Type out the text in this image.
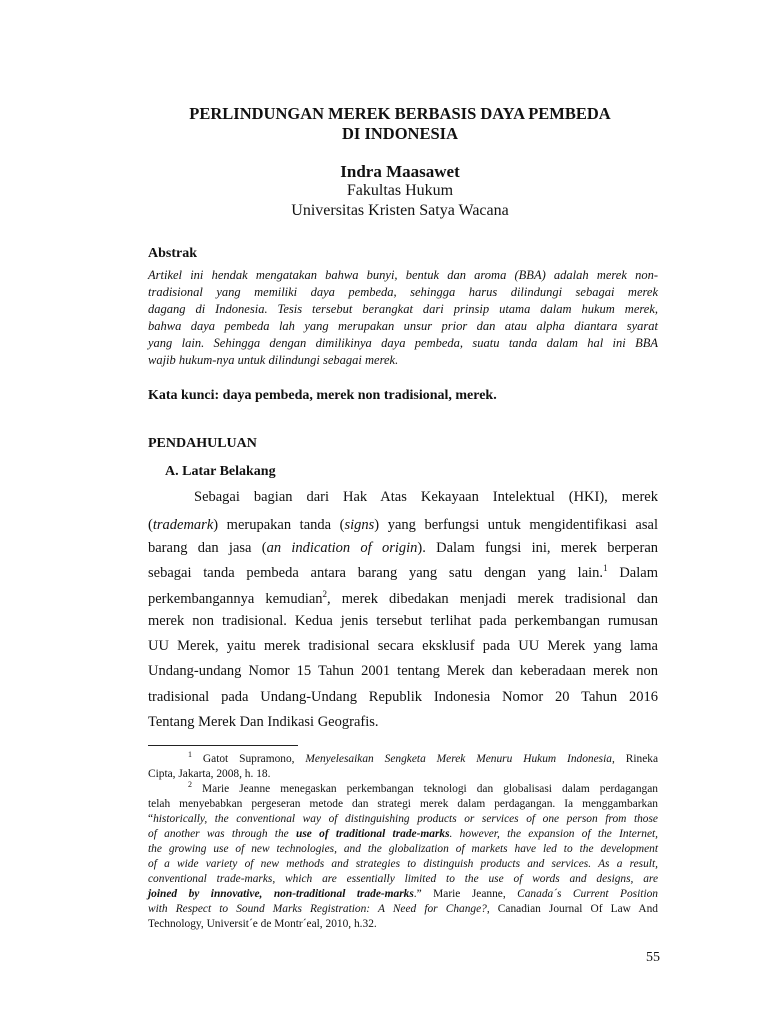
PERLINDUNGAN MEREK BERBASIS DAYA PEMBEDA
DI INDONESIA
Indra Maasawet
Fakultas Hukum
Universitas Kristen Satya Wacana
Abstrak
Artikel ini hendak mengatakan bahwa bunyi, bentuk dan aroma (BBA) adalah merek non-
tradisional yang memiliki daya pembeda, sehingga harus dilindungi sebagai merek
dagang di Indonesia. Tesis tersebut berangkat dari prinsip utama dalam hukum merek,
bahwa daya pembeda lah yang merupakan unsur prior dan atau alpha diantara syarat
yang lain. Sehingga dengan dimilikinya daya pembeda, suatu tanda dalam hal ini BBA
wajib hukum-nya untuk dilindungi sebagai merek.
Kata kunci: daya pembeda, merek non tradisional, merek.
PENDAHULUAN
A. Latar Belakang
Sebagai bagian dari Hak Atas Kekayaan Intelektual (HKI), merek
(trademark) merupakan tanda (signs) yang berfungsi untuk mengidentifikasi asal
barang dan jasa (an indication of origin). Dalam fungsi ini, merek berperan
sebagai tanda pembeda antara barang yang satu dengan yang lain.$^1$ Dalam
perkembangannya kemudian$^2$, merek dibedakan menjadi merek tradisional dan
merek non tradisional. Kedua jenis tersebut terlihat pada perkembangan rumusan
UU Merek, yaitu merek tradisional secara eksklusif pada UU Merek yang lama
Undang-undang Nomor 15 Tahun 2001 tentang Merek dan keberadaan merek non
tradisional pada Undang-Undang Republik Indonesia Nomor 20 Tahun 2016
Tentang Merek Dan Indikasi Geografis.
$^1$ Gatot Supramono, Menyelesaikan Sengketa Merek Menuru Hukum Indonesia, Rineka
Cipta, Jakarta, 2008, h. 18.
$^2$ Marie Jeanne menegaskan perkembangan teknologi dan globalisasi dalam perdagangan
telah menyebabkan pergeseran metode dan strategi merek dalam perdagangan. Ia menggambarkan
“historically, the conventional way of distinguishing products or services of one person from those
of another was through the use of traditional trade-marks. however, the expansion of the Internet,
the growing use of new technologies, and the globalization of markets have led to the development
of a wide variety of new methods and strategies to distinguish products and services. As a result,
conventional trade-marks, which are essentially limited to the use of words and designs, are
joined by innovative, non-traditional trade-marks.” Marie Jeanne, Canada´s Current Position
with Respect to Sound Marks Registration: A Need for Change?, Canadian Journal Of Law And
Technology, Universit´e de Montr´eal, 2010, h.32.
55
